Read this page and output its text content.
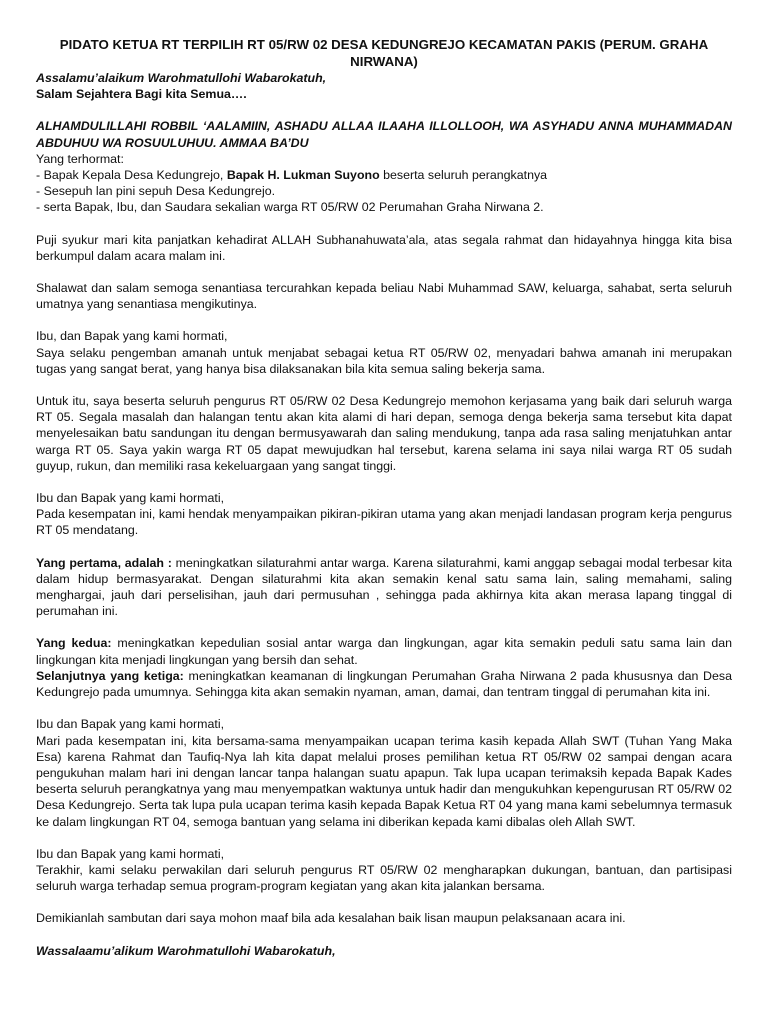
PIDATO KETUA RT TERPILIH RT 05/RW 02 DESA KEDUNGREJO KECAMATAN PAKIS (PERUM. GRAHA NIRWANA)

Assalamu’alaikum Warohmatullohi Wabarokatuh,

Salam Sejahtera Bagi kita Semua….

ALHAMDULILLAHI ROBBIL ‘AALAMIIN, ASHADU ALLAA ILAAHA ILLOLLOOH, WA ASYHADU ANNA MUHAMMADAN ABDUHUU WA ROSUULUHUU. AMMAA BA’DU

Yang terhormat:

- Bapak Kepala Desa Kedungrejo, Bapak H. Lukman Suyono beserta seluruh perangkatnya

- Sesepuh lan pini sepuh Desa Kedungrejo.

- serta Bapak, Ibu, dan Saudara sekalian warga RT 05/RW 02 Perumahan Graha Nirwana 2.

Puji syukur mari kita panjatkan kehadirat ALLAH Subhanahuwata’ala, atas segala rahmat dan hidayahnya hingga kita bisa berkumpul dalam acara malam ini.

Shalawat dan salam semoga senantiasa tercurahkan kepada beliau Nabi Muhammad SAW, keluarga, sahabat, serta seluruh umatnya yang senantiasa mengikutinya.

Ibu, dan Bapak yang kami hormati,

Saya selaku pengemban amanah untuk menjabat sebagai ketua RT 05/RW 02, menyadari bahwa amanah ini merupakan tugas yang sangat berat, yang hanya bisa dilaksanakan bila kita semua saling bekerja sama.

Untuk itu, saya beserta seluruh pengurus RT 05/RW 02 Desa Kedungrejo memohon kerjasama yang baik dari seluruh warga RT 05. Segala masalah dan halangan tentu akan kita alami di hari depan, semoga denga bekerja sama tersebut kita dapat menyelesaikan batu sandungan itu dengan bermusyawarah dan saling mendukung, tanpa ada rasa saling menjatuhkan antar warga RT 05. Saya yakin warga RT 05 dapat mewujudkan hal tersebut, karena selama ini saya nilai warga RT 05 sudah guyup, rukun, dan memiliki rasa kekeluargaan yang sangat tinggi.

Ibu dan Bapak yang kami hormati,

Pada kesempatan ini, kami hendak menyampaikan pikiran-pikiran utama yang akan menjadi landasan program kerja pengurus RT 05 mendatang.

Yang pertama, adalah : meningkatkan silaturahmi antar warga. Karena silaturahmi, kami anggap sebagai modal terbesar kita dalam hidup bermasyarakat. Dengan silaturahmi kita akan semakin kenal satu sama lain, saling memahami, saling menghargai, jauh dari perselisihan, jauh dari permusuhan , sehingga pada akhirnya kita akan merasa lapang tinggal di perumahan ini.

Yang kedua: meningkatkan kepedulian sosial antar warga dan lingkungan, agar kita semakin peduli satu sama lain dan lingkungan kita menjadi lingkungan yang bersih dan sehat.

Selanjutnya yang ketiga: meningkatkan keamanan di lingkungan Perumahan Graha Nirwana 2 pada khususnya dan Desa Kedungrejo pada umumnya. Sehingga kita akan semakin nyaman, aman, damai, dan tentram tinggal di perumahan kita ini.

Ibu dan Bapak yang kami hormati,

Mari pada kesempatan ini, kita bersama-sama menyampaikan ucapan terima kasih kepada Allah SWT (Tuhan Yang Maka Esa) karena Rahmat dan Taufiq-Nya lah kita dapat melalui proses pemilihan ketua RT 05/RW 02 sampai dengan acara pengukuhan malam hari ini dengan lancar tanpa halangan suatu apapun. Tak lupa ucapan terimaksih kepada Bapak Kades beserta seluruh perangkatnya yang mau menyempatkan waktunya untuk hadir dan mengukuhkan kepengurusan RT 05/RW 02 Desa Kedungrejo. Serta tak lupa pula ucapan terima kasih kepada Bapak Ketua RT 04 yang mana kami sebelumnya termasuk ke dalam lingkungan RT 04, semoga bantuan yang selama ini diberikan kepada kami dibalas oleh Allah SWT.

Ibu dan Bapak yang kami hormati,

Terakhir, kami selaku perwakilan dari seluruh pengurus RT 05/RW 02 mengharapkan dukungan, bantuan, dan partisipasi seluruh warga terhadap semua program-program kegiatan yang akan kita jalankan bersama.

Demikianlah sambutan dari saya mohon maaf bila ada kesalahan baik lisan maupun pelaksanaan acara ini.

Wassalaamu’alikum Warohmatullohi Wabarokatuh,
